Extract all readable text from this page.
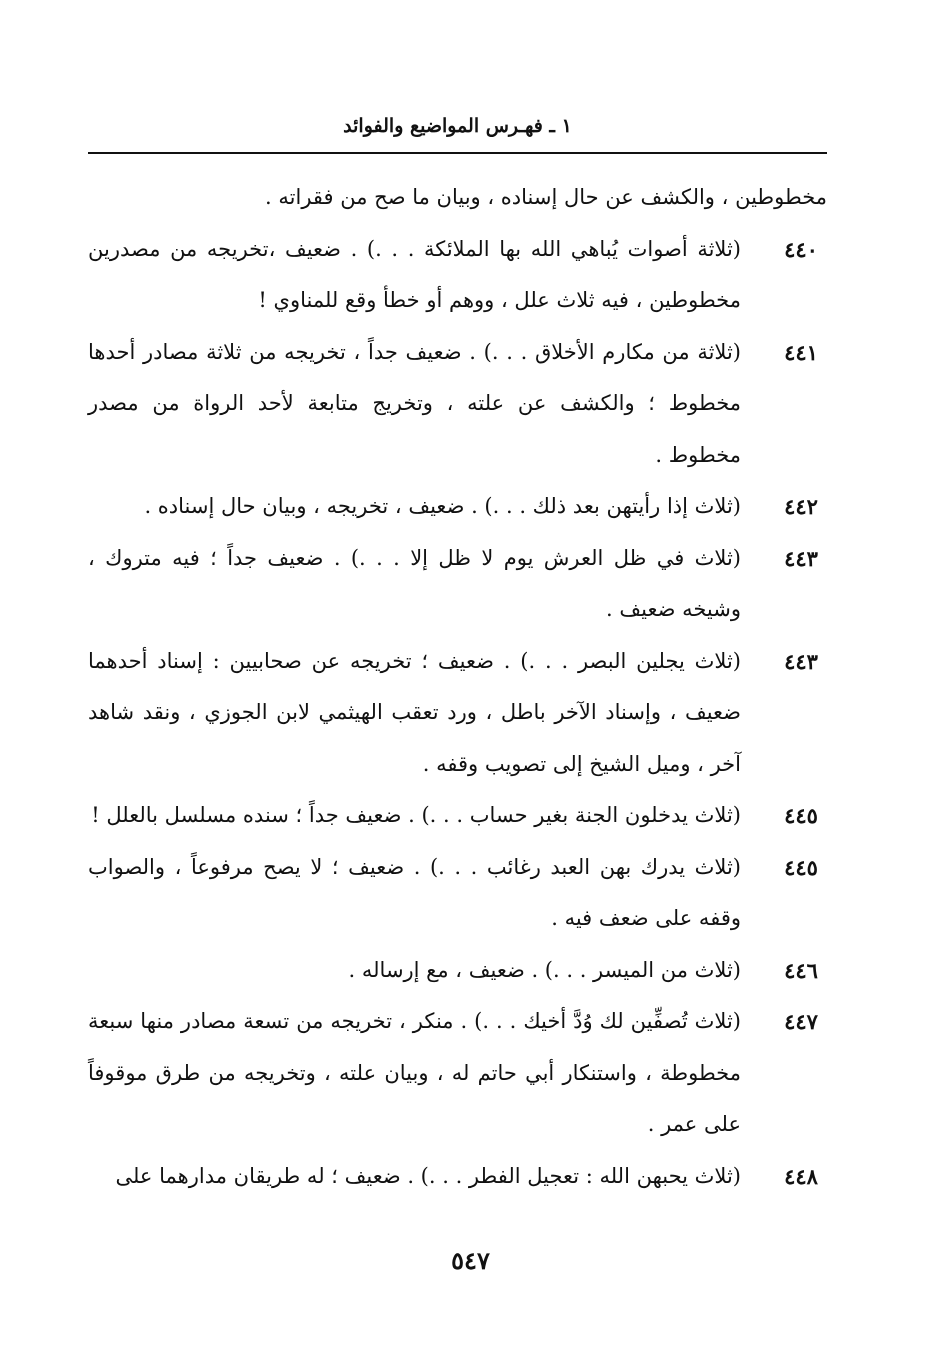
١ ـ فهـرس المواضيع والفوائد
مخطوطين ، والكشف عن حال إسناده ، وبيان ما صح من فقراته .
٤٤٠
(ثلاثة أصوات يُباهي الله بها الملائكة . . .) . ضعيف ،تخريجه من مصدرين مخطوطين ، فيه ثلاث علل ، ووهم أو خطأ وقع للمناوي !
٤٤١
(ثلاثة من مكارم الأخلاق . . .) . ضعيف جداً ، تخريجه من ثلاثة مصادر أحدها مخطوط ؛ والكشف عن علته ، وتخريج متابعة لأحد الرواة من مصدر مخطوط .
٤٤٢
(ثلاث إذا رأيتهن بعد ذلك . . .) . ضعيف ، تخريجه ، وبيان حال إسناده .
٤٤٣
(ثلاث في ظل العرش يوم لا ظل إلا . . .) . ضعيف جداً ؛ فيه متروك ، وشيخه ضعيف .
٤٤٣
(ثلاث يجلين البصر . . .) . ضعيف ؛ تخريجه عن صحابيين : إسناد أحدهما ضعيف ، وإسناد الآخر باطل ، ورد تعقب الهيثمي لابن الجوزي ، ونقد شاهد آخر ، وميل الشيخ إلى تصويب وقفه .
٤٤٥
(ثلاث يدخلون الجنة بغير حساب . . .) . ضعيف جداً ؛ سنده مسلسل بالعلل !
٤٤٥
(ثلاث يدرك بهن العبد رغائب . . .) . ضعيف ؛ لا يصح مرفوعاً ، والصواب وقفه على ضعف فيه .
٤٤٦
(ثلاث من الميسر . . .) . ضعيف ، مع إرساله .
٤٤٧
(ثلاث تُصفِّين لك وُدَّ أخيك . . .) . منكر ، تخريجه من تسعة مصادر منها سبعة مخطوطة ، واستنكار أبي حاتم له ، وبيان علته ، وتخريجه من طرق موقوفاً على عمر .
٤٤٨
(ثلاث يحبهن الله : تعجيل الفطر . . .) . ضعيف ؛ له طريقان مدارهما على
٥٤٧
